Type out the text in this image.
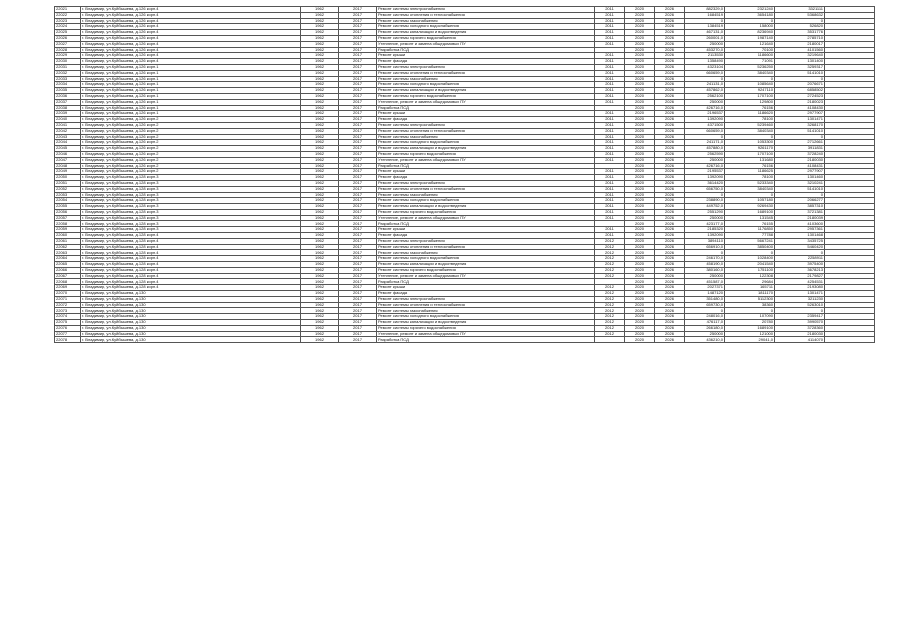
22021	г. Владимир, ул.Куйбышева, д.126 корп.4	1962	2017	Ремонт системы электроснабжения	2011	2020	2026	882329,0	2321240	3321111	
22022	г. Владимир, ул.Куйбышева, д.126 корп.4	1962	2017	Ремонт системы отопления и теплоснабжения	2011	2020	2026	1684519	3654180	5368632	
22023	г. Владимир, ул.Куйбышева, д.126 корп.4	1962	2017	Ремонт системы газоснабжения	2011	2020	2026	0	0	0	
22024	г. Владимир, ул.Куйбышева, д.126 корп.4	1962	2017	Ремонт системы холодного водоснабжения	2011	2020	2026	1384519	158000	526820	
22025	г. Владимир, ул.Куйбышева, д.126 корп.4	1962	2017	Ремонт системы канализации и водоотведения	2011	2020	2026	467131,0	8236940	3531776	
22026	г. Владимир, ул.Куйбышева, д.126 корп.4	1962	2017	Ремонт системы горячего водоснабжения	2011	2020	2026	260001,0	1987140	2785710	
22027	г. Владимир, ул.Куйбышева, д.126 корп.4	1962	2017	Утепление, ремонт и замена общедомовых ПУ	2011	2020	2026	250000	121640	2180017	
22028	г. Владимир, ул.Куйбышева, д.126 корп.4	1962	2017	Разработка ПСД		2020	2026	453270,0	70100	4101560	
22029	г. Владимир, ул.Куйбышева, д.126 корп.4	1962	2017	Ремонт крыши	2011	2020	2026	2113530	1186600	3219640	
22030	г. Владимир, ул.Куйбышева, д.126 корп.4	1962	2017	Ремонт фасада	2011	2020	2026	1358490	71091	1301400	
22031	г. Владимир, ул.Куйбышева, д.126 корп.1	1962	2017	Ремонт системы электроснабжения	2011	2020	2026	4323104	5236250	3259317	
22032	г. Владимир, ул.Куйбышева, д.126 корп.1	1962	2017	Ремонт системы отопления и теплоснабжения	2011	2020	2026	660659,0	3840340	5141010	
22033	г. Владимир, ул.Куйбышева, д.126 корп.1	1962	2017	Ремонт системы газоснабжения	2011	2020	2026	0	0	0	
22034	г. Владимир, ул.Куйбышева, д.126 корп.1	1962	2017	Ремонт системы холодного водоснабжения	2011	2020	2026	241131,0	1085640	2076671	
22035	г. Владимир, ул.Куйбышева, д.126 корп.1	1962	2017	Ремонт системы канализации и водоотведения	2011	2020	2026	457862,0	9247110	6858502	
22036	г. Владимир, ул.Куйбышева, д.126 корп.1	1962	2017	Ремонт системы горячего водоснабжения	2011	2020	2026	2562100	1707100	2724523	
22037	г. Владимир, ул.Куйбышева, д.126 корп.1	1962	2017	Утепление, ремонт и замена общедомовых ПУ	2011	2020	2026	250000	129800	2180023	
22038	г. Владимир, ул.Куйбышева, д.126 корп.1	1962	2017	Разработка ПСД		2020	2026	426716,0	76156	4108430	
22039	г. Владимир, ул.Куйбышева, д.126 корп.1	1962	2017	Ремонт крыши	2011	2020	2026	2196537	1186620	2977907	
22040	г. Владимир, ул.Куйбышева, д.126 корп.2	1962	2017	Ремонт фасада	2011	2020	2026	1392090	78100	1301471	
22041	г. Владимир, ул.Куйбышева, д.126 корп.2	1962	2017	Ремонт системы электроснабжения	2011	2020	2026	4371500	5239460	3268170	
22042	г. Владимир, ул.Куйбышева, д.126 корп.2	1962	2017	Ремонт системы отопления и теплоснабжения	2011	2020	2026	660659,0	3840340	5141010	
22043	г. Владимир, ул.Куйбышева, д.126 корп.2	1962	2017	Ремонт системы газоснабжения	2011	2020	2026	0	0	0	
22044	г. Владимир, ул.Куйбышева, д.126 корп.2	1962	2017	Ремонт системы холодного водоснабжения	2011	2020	2026	241171,0	1053300	2712661	
22045	г. Владимир, ул.Куйбышева, д.126 корп.2	1962	2017	Ремонт системы канализации и водоотведения	2011	2020	2026	457880,0	9261170	3911831	
22046	г. Владимир, ул.Куйбышева, д.126 корп.2	1962	2017	Ремонт системы горячего водоснабжения	2011	2020	2026	2562590	1707100	3728240	
22047	г. Владимир, ул.Куйбышева, д.126 корп.2	1962	2017	Утепление, ремонт и замена общедомовых ПУ	2011	2020	2026	250000	131680	2180030	
22048	г. Владимир, ул.Куйбышева, д.126 корп.2	1962	2017	Разработка ПСД		2020	2026	426716,0	76156	4108431	
22049	г. Владимир, ул.Куйбышева, д.126 корп.2	1962	2017	Ремонт крыши	2011	2020	2026	2195537	1186625	2977907	
22050	г. Владимир, ул.Куйбышева, д.128 корп.3	1962	2017	Ремонт фасада	2011	2020	2026	1392090	78100	1301460	
22051	г. Владимир, ул.Куйбышева, д.128 корп.3	1962	2017	Ремонт системы электроснабжения	2011	2020	2026	3614420	5233340	3210241	
22052	г. Владимир, ул.Куйбышева, д.128 корп.3	1962	2017	Ремонт системы отопления и теплоснабжения	2011	2020	2026	656750,0	3840340	5141010	
22053	г. Владимир, ул.Куйбышева, д.128 корп.3	1962	2017	Ремонт системы газоснабжения	2011	2020	2026	0	0	0	
22054	г. Владимир, ул.Куйбышева, д.128 корп.3	1962	2017	Ремонт системы холодного водоснабжения	2011	2020	2026	238890,0	1057180	2066277	
22055	г. Владимир, ул.Куйбышева, д.128 корп.3	1962	2017	Ремонт системы канализации и водоотведения	2011	2020	2026	449752,0	9269430	3857310	
22056	г. Владимир, ул.Куйбышева, д.128 корп.3	1962	2017	Ремонт системы горячего водоснабжения	2011	2020	2026	2551290	1689100	3721381	
22057	г. Владимир, ул.Куйбышева, д.128 корп.3	1962	2017	Утепление, ремонт и замена общедомовых ПУ	2011	2020	2026	250000	131545	2180039	
22058	г. Владимир, ул.Куйбышева, д.128 корп.3	1962	2017	Разработка ПСД		2020	2026	423177,0	76155	4103600	
22059	г. Владимир, ул.Куйбышева, д.128 корп.3	1962	2017	Ремонт крыши	2011	2020	2026	2185320	1176850	2957361	
22060	г. Владимир, ул.Куйбышева, д.128 корп.4	1962	2017	Ремонт фасада	2011	2020	2026	1392090	77788	1301468	
22061	г. Владимир, ул.Куйбышева, д.128 корп.4	1962	2017	Ремонт системы электроснабжения	2012	2020	2026	3894110	5667241	3435725	
22062	г. Владимир, ул.Куйбышева, д.128 корп.4	1962	2017	Ремонт системы отопления и теплоснабжения	2012	2020	2026	656910,0	3850400	5460420	
22063	г. Владимир, ул.Куйбышева, д.128 корп.4	1962	2017	Ремонт системы газоснабжения	2012	2020	2026	0	0	0	
22064	г. Владимир, ул.Куйбышева, д.128 корп.4	1962	2017	Ремонт системы холодного водоснабжения	2012	2020	2026	246170,0	1028400	2258911	
22065	г. Владимир, ул.Куйбышева, д.128 корп.4	1962	2017	Ремонт системы канализации и водоотведения	2012	2020	2026	458190,0	2041540	3975400	
22066	г. Владимир, ул.Куйбышева, д.128 корп.4	1962	2017	Ремонт системы горячего водоснабжения	2012	2020	2026	380160,0	1751100	3678213	
22067	г. Владимир, ул.Куйбышева, д.128 корп.4	1962	2017	Утепление, ремонт и замена общедомовых ПУ	2012	2020	2026	250000	122308	2179827	
22068	г. Владимир, ул.Куйбышева, д.128 корп.4	1962	2017	Разработка ПСД		2020	2026	451587,0	29684	4254531	
22069	г. Владимир, ул.Куйбышева, д.128 корп.4	1962	2017	Ремонт крыши	2012	2020	2026	2027371	165711	2193080	
22070	г. Владимир, ул.Куйбышева, д.130	1962	2017	Ремонт фасада	2012	2020	2026	1487120	1811170	1301471	
22071	г. Владимир, ул.Куйбышева, д.130	1962	2017	Ремонт системы электроснабжения	2012	2020	2026	351480,0	5112300	3211230	
22072	г. Владимир, ул.Куйбышева, д.130	1962	2017	Ремонт системы отопления и теплоснабжения	2012	2020	2026	659730,0	38360	5263010	
22073	г. Владимир, ул.Куйбышева, д.130	1962	2017	Ремонт системы газоснабжения	2012	2020	2026	0	0	0	
22074	г. Владимир, ул.Куйбышева, д.130	1962	2017	Ремонт системы холодного водоснабжения	2012	2020	2026	248016,0	107090	2359417	
22075	г. Владимир, ул.Куйбышева, д.130	1962	2017	Ремонт системы канализации и водоотведения	2012	2020	2026	476117,0	20780	3990570	
22076	г. Владимир, ул.Куйбышева, д.130	1962	2017	Ремонт системы горячего водоснабжения	2012	2020	2026	266180,0	1689100	3728360	
22077	г. Владимир, ул.Куйбышева, д.130	1962	2017	Утепление, ремонт и замена общедомовых ПУ	2012	2020	2026	250000	121000	2180030	
22078	г. Владимир, ул.Куйбышева, д.130	1962	2017	Разработка ПСД		2020	2026	436210,0	29041,0	4114070	
